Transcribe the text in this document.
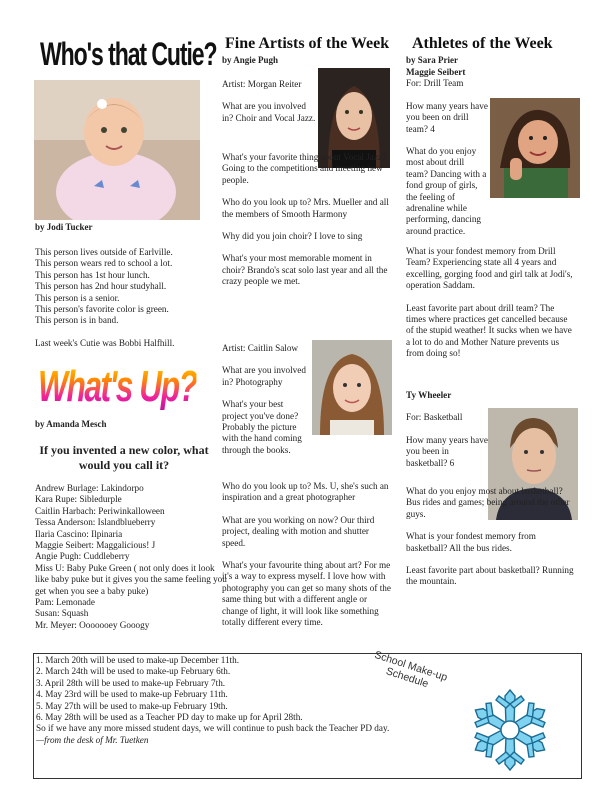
Who's that Cutie?
by Jodi Tucker

This person lives outside of Earlville.

This person wears red to school a lot.

This person has 1st hour lunch.

This person has 2nd hour studyhall.

This person is a senior.

This person's favorite color is green.

This person is in band.

Last week's Cutie was Bobbi Halfhill.

What's Up?
by Amanda Mesch
If you invented a new color, what would you call it?

Andrew Burlage: Lakindorpo

Kara Rupe: Sibledurple

Caitlin Harbach: Periwinkalloween

Tessa Anderson: Islandblueberry

Ilaria Cascino: Ilpinaria

Maggie Seibert: Maggalicious! J

Angie Pugh: Cuddleberry

Miss U: Baby Puke Green ( not only does it look like baby puke but it gives you the same feeling you get when you see a baby puke)

Pam: Lemonade

Susan: Squash

Mr. Meyer: Ooooooey Gooogy

Fine Artists of the Week
by Angie Pugh

Artist: Morgan Reiter

What are you involved in? Choir and Vocal Jazz.

What's your favorite thing about Vocal Jazz? Going to the competitions and meeting new people.

Who do you look up to? Mrs. Mueller and all the members of Smooth Harmony

Why did you join choir? I love to sing

What's your most memorable moment in choir? Brando's scat solo last year and all the crazy people we met.

Artist: Caitlin Salow

What are you involved in? Photography

What's your best project you've done? Probably the picture with the hand coming through the books.

Who do you look up to? Ms. U, she's such an inspiration and a great photographer

What are you working on now? Our third project, dealing with motion and shutter speed.

What's your favourite thing about art? For me it's a way to express myself. I love how with photography you can get so many shots of the same thing but with a different angle or change of light, it will look like something totally different every time.

Athletes of the Week
by Sara Prier

Maggie Seibert

For: Drill Team

How many years have you been on drill team? 4

What do you enjoy most about drill team? Dancing with a fond group of girls, the feeling of adrenaline while performing, dancing around practice.

What is your fondest memory from Drill Team? Experiencing state all 4 years and excelling, gorging food and girl talk at Jodi's, operation Saddam.

Least favorite part about drill team? The times where practices get cancelled because of the stupid weather! It sucks when we have a lot to do and Mother Nature prevents us from doing so!

Ty Wheeler

For: Basketball

How many years have you been in basketball? 6

What do you enjoy most about basketball? Bus rides and games; being around the other guys.

What is your fondest memory from basketball? All the bus rides.

Least favorite part about basketball? Running the mountain.

1. March 20th will be used to make-up December 11th.

2. March 24th will be used to make-up February 6th.

3. April 28th will be used to make-up February 7th.

4. May 23rd will be used to make-up February 11th.

5. May 27th will be used to make-up February 19th.

6. May 28th will be used as a Teacher PD day to make up for April 28th.

So if we have any more missed student days, we will continue to push back the Teacher PD day.

—from the desk of Mr. Tuetken

School Make-up Schedule
